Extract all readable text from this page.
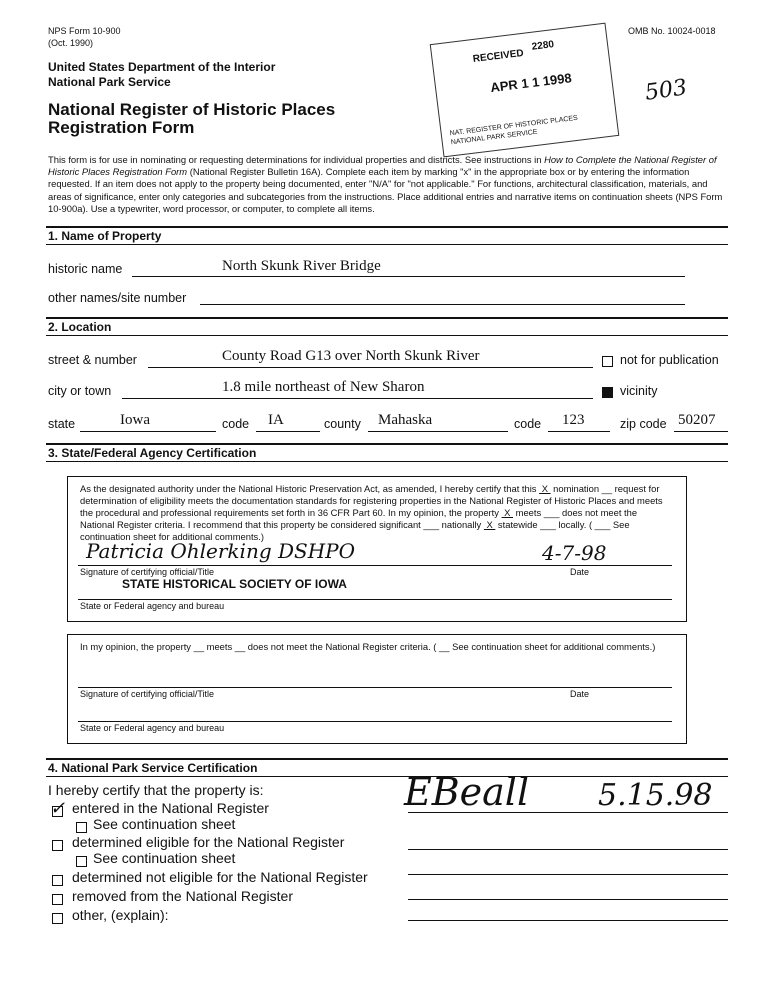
NPS Form 10-900
(Oct. 1990)
OMB No. 10024-0018
United States Department of the Interior
National Park Service
National Register of Historic Places
Registration Form
RECEIVED
2280
APR 1 1 1998
NAT. REGISTER OF HISTORIC PLACES NATIONAL PARK SERVICE
503
This form is for use in nominating or requesting determinations for individual properties and districts. See instructions in How to Complete the National Register of Historic Places Registration Form (National Register Bulletin 16A). Complete each item by marking "x" in the appropriate box or by entering the information requested. If an item does not apply to the property being documented, enter "N/A" for "not applicable." For functions, architectural classification, materials, and areas of significance, enter only categories and subcategories from the instructions. Place additional entries and narrative items on continuation sheets (NPS Form 10-900a). Use a typewriter, word processor, or computer, to complete all items.
1. Name of Property
historic name	North Skunk River Bridge
other names/site number
2. Location
street & number	County Road G13 over North Skunk River	not for publication
city or town	1.8 mile northeast of New Sharon	vicinity
state	Iowa	code IA	county Mahaska	code 123	zip code 50207
3. State/Federal Agency Certification
As the designated authority under the National Historic Preservation Act, as amended, I hereby certify that this  X  nomination __ request for determination of eligibility meets the documentation standards for registering properties in the National Register of Historic Places and meets the procedural and professional requirements set forth in 36 CFR Part 60. In my opinion, the property  X  meets ___ does not meet the National Register criteria. I recommend that this property be considered significant ___ nationally  X  statewide ___ locally. ( ___ See continuation sheet for additional comments.)
Patricia Ohlerking DSHPO	4-7-98
Signature of certifying official/Title	Date
STATE HISTORICAL SOCIETY OF IOWA
State or Federal agency and bureau
In my opinion, the property __ meets __ does not meet the National Register criteria. ( __ See continuation sheet for additional comments.)
Signature of certifying official/Title	Date
State or Federal agency and bureau
4. National Park Service Certification
I hereby certify that the property is:
✓ entered in the National Register
See continuation sheet
determined eligible for the National Register
See continuation sheet
determined not eligible for the National Register
removed from the National Register
other, (explain):
EBeall 5.15.98
